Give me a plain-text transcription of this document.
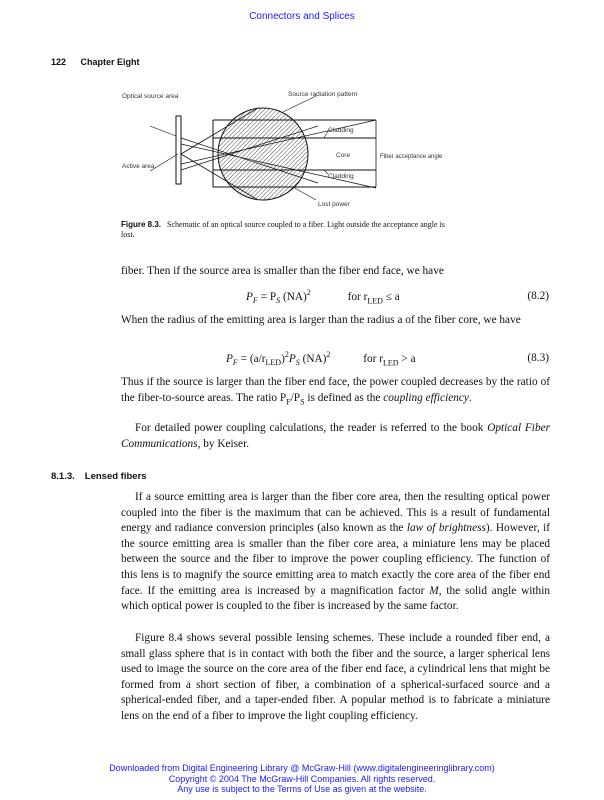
Connectors and Splices
122 Chapter Eight
Optical source area
Active area
Source radiation pattern
Cladding
Core
Cladding
Lost power
Fiber acceptance angle
Figure 8.3. Schematic of an optical source coupled to a fiber. Light outside the acceptance angle is lost.
fiber. Then if the source area is smaller than the fiber end face, we have
$P_F = P_S$ (NA)$^2$	for $r_{LED} \le a$	(8.2)
When the radius of the emitting area is larger than the radius a of the fiber core, we have
$P_F = (a/r_{LED})^2P_S$ (NA)$^2$	for $r_{LED} > a$	(8.3)
Thus if the source is larger than the fiber end face, the power coupled decreases by the ratio of the fiber-to-source areas. The ratio $P_F/P_S$ is defined as the coupling efficiency.
For detailed power coupling calculations, the reader is referred to the book Optical Fiber Communications, by Keiser.
8.1.3. Lensed fibers
If a source emitting area is larger than the fiber core area, then the resulting optical power coupled into the fiber is the maximum that can be achieved. This is a result of fundamental energy and radiance conversion principles (also known as the law of brightness). However, if the source emitting area is smaller than the fiber core area, a miniature lens may be placed between the source and the fiber to improve the power coupling efficiency. The function of this lens is to magnify the source emitting area to match exactly the core area of the fiber end face. If the emitting area is increased by a magnification factor M, the solid angle within which optical power is coupled to the fiber is increased by the same factor.
Figure 8.4 shows several possible lensing schemes. These include a rounded fiber end, a small glass sphere that is in contact with both the fiber and the source, a larger spherical lens used to image the source on the core area of the fiber end face, a cylindrical lens that might be formed from a short section of fiber, a combination of a spherical-surfaced source and a spherical-ended fiber, and a taper-ended fiber. A popular method is to fabricate a miniature lens on the end of a fiber to improve the light coupling efficiency.
Downloaded from Digital Engineering Library @ McGraw-Hill (www.digitalengineeringlibrary.com)
Copyright © 2004 The McGraw-Hill Companies. All rights reserved.
Any use is subject to the Terms of Use as given at the website.
